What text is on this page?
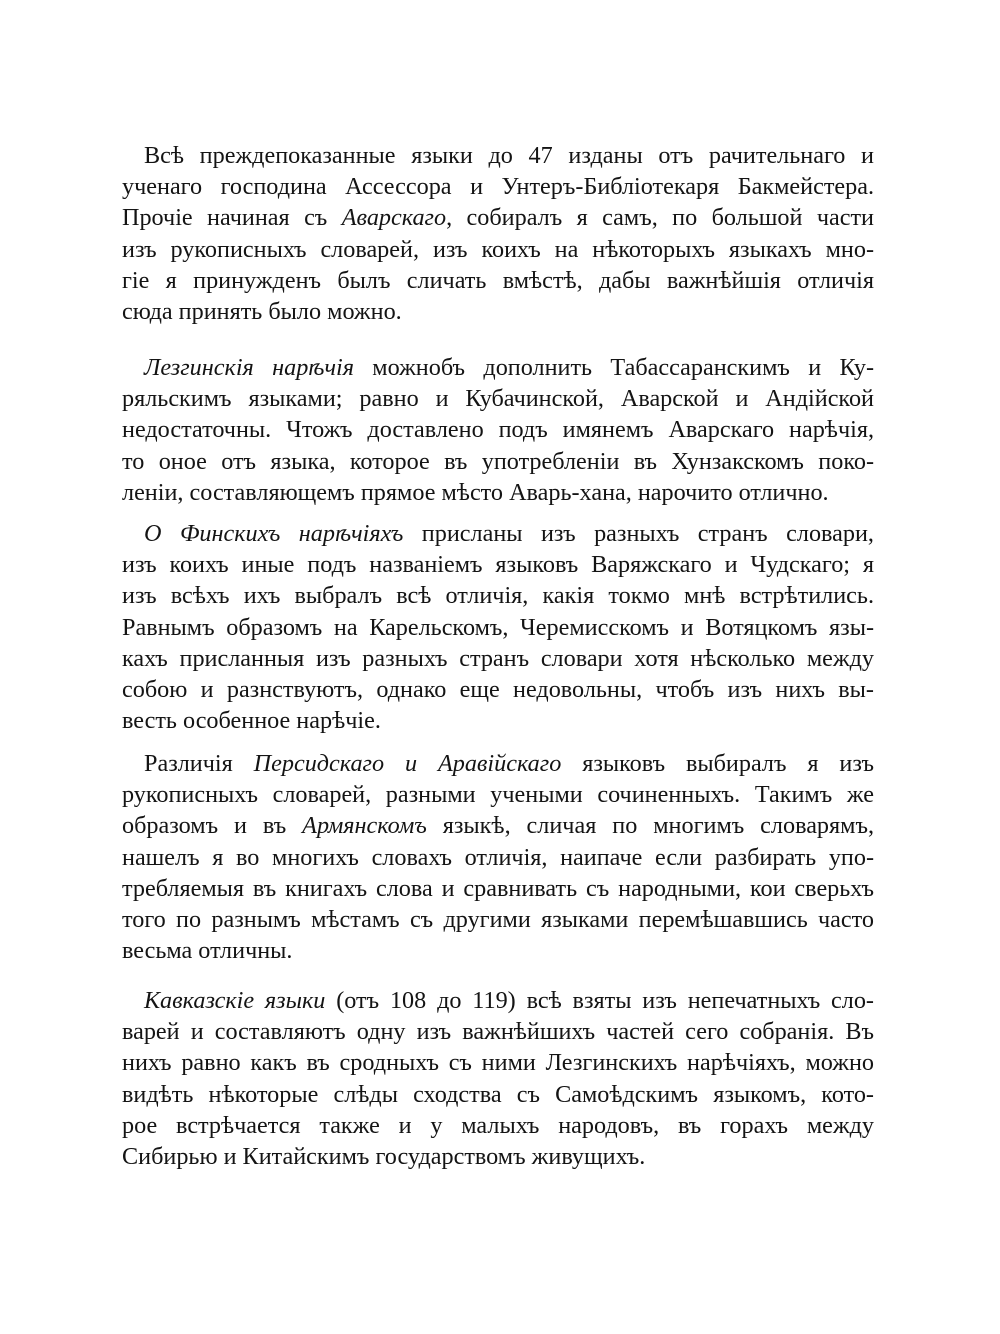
Всѣ преждепоказанные языки до 47 изданы отъ рачительнаго и
ученаго господина Ассессора и Унтеръ-Библіотекаря Бакмейстера.
Прочіе начиная съ Аварскаго, собиралъ я самъ, по большой части
изъ рукописныхъ словарей, изъ коихъ на нѣкоторыхъ языкахъ мно-
гіе я принужденъ былъ сличать вмѣстѣ, дабы важнѣйшія отличія
сюда принять было можно.
Лезгинскія нарѣчія можнобъ дополнить Табассаранскимъ и Ку-
ряльскимъ языками; равно и Кубачинской, Аварской и Андійской
недостаточны. Чтожъ доставлено подъ имянемъ Аварскаго нарѣчія,
то оное отъ языка, которое въ употребленіи въ Хунзакскомъ поко-
леніи, составляющемъ прямое мѣсто Аварь-хана, нарочито отлично.
О Финскихъ нарѣчіяхъ присланы изъ разныхъ странъ словари,
изъ коихъ иные подъ названіемъ языковъ Варяжскаго и Чудскаго; я
изъ всѣхъ ихъ выбралъ всѣ отличія, какія токмо мнѣ встрѣтились.
Равнымъ образомъ на Карельскомъ, Черемисскомъ и Вотяцкомъ язы-
кахъ присланныя изъ разныхъ странъ словари хотя нѣсколько между
собою и разнствуютъ, однако еще недовольны, чтобъ изъ нихъ вы-
весть особенное нарѣчіе.
Различія Персидскаго и Аравійскаго языковъ выбиралъ я изъ
рукописныхъ словарей, разными учеными сочиненныхъ. Такимъ же
образомъ и въ Армянскомъ языкѣ, сличая по многимъ словарямъ,
нашелъ я во многихъ словахъ отличія, наипаче если разбирать упо-
требляемыя въ книгахъ слова и сравнивать съ народными, кои сверьхъ
того по разнымъ мѣстамъ съ другими языками перемѣшавшись часто
весьма отличны.
Кавказскіе языки (отъ 108 до 119) всѣ взяты изъ непечатныхъ сло-
варей и составляютъ одну изъ важнѣйшихъ частей сего собранія. Въ
нихъ равно какъ въ сродныхъ съ ними Лезгинскихъ нарѣчіяхъ, можно
видѣть нѣкоторые слѣды сходства съ Самоѣдскимъ языкомъ, кото-
рое встрѣчается также и у малыхъ народовъ, въ горахъ между
Сибирью и Китайскимъ государствомъ живущихъ.
